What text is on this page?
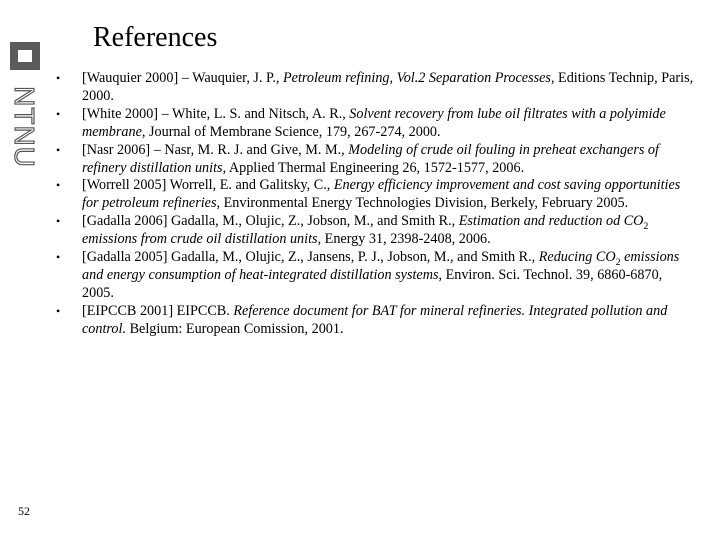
NTNU
52
References
• [Wauquier 2000] – Wauquier, J. P., Petroleum refining, Vol.2 Separation Processes, Editions Technip, Paris, 2000.
• [White 2000] – White, L. S. and Nitsch, A. R., Solvent recovery from lube oil filtrates with a polyimide membrane, Journal of Membrane Science, 179, 267-274, 2000.
• [Nasr 2006] – Nasr, M. R. J. and Give, M. M., Modeling of crude oil fouling in preheat exchangers of refinery distillation units, Applied Thermal Engineering 26, 1572-1577, 2006.
• [Worrell 2005] Worrell, E. and Galitsky, C., Energy efficiency improvement and cost saving opportunities for petroleum refineries, Environmental Energy Technologies Division, Berkely, February 2005.
• [Gadalla 2006] Gadalla, M., Olujic, Z., Jobson, M., and Smith R., Estimation and reduction od $CO_2$ emissions from crude oil distillation units, Energy 31, 2398-2408, 2006.
• [Gadalla 2005] Gadalla, M., Olujic, Z., Jansens, P. J., Jobson, M., and Smith R., Reducing $CO_2$ emissions and energy consumption of heat-integrated distillation systems, Environ. Sci. Technol. 39, 6860-6870, 2005.
• [EIPCCB 2001] EIPCCB. Reference document for BAT for mineral refineries. Integrated pollution and control. Belgium: European Comission, 2001.
